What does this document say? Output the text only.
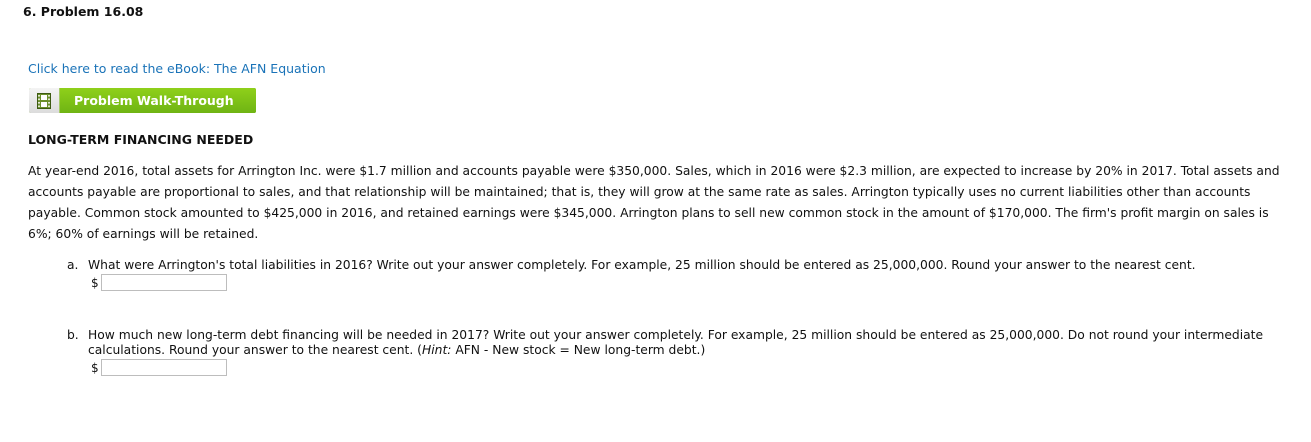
6. Problem 16.08
Click here to read the eBook: The AFN Equation
Problem Walk-Through
LONG-TERM FINANCING NEEDED
At year-end 2016, total assets for Arrington Inc. were $1.7 million and accounts payable were $350,000. Sales, which in 2016 were $2.3 million, are expected to increase by 20% in 2017. Total assets and accounts payable are proportional to sales, and that relationship will be maintained; that is, they will grow at the same rate as sales. Arrington typically uses no current liabilities other than accounts payable. Common stock amounted to $425,000 in 2016, and retained earnings were $345,000. Arrington plans to sell new common stock in the amount of $170,000. The firm's profit margin on sales is 6%; 60% of earnings will be retained.
a. What were Arrington's total liabilities in 2016? Write out your answer completely. For example, 25 million should be entered as 25,000,000. Round your answer to the nearest cent.
$
b. How much new long-term debt financing will be needed in 2017? Write out your answer completely. For example, 25 million should be entered as 25,000,000. Do not round your intermediate calculations. Round your answer to the nearest cent. (Hint: AFN - New stock = New long-term debt.)
$
